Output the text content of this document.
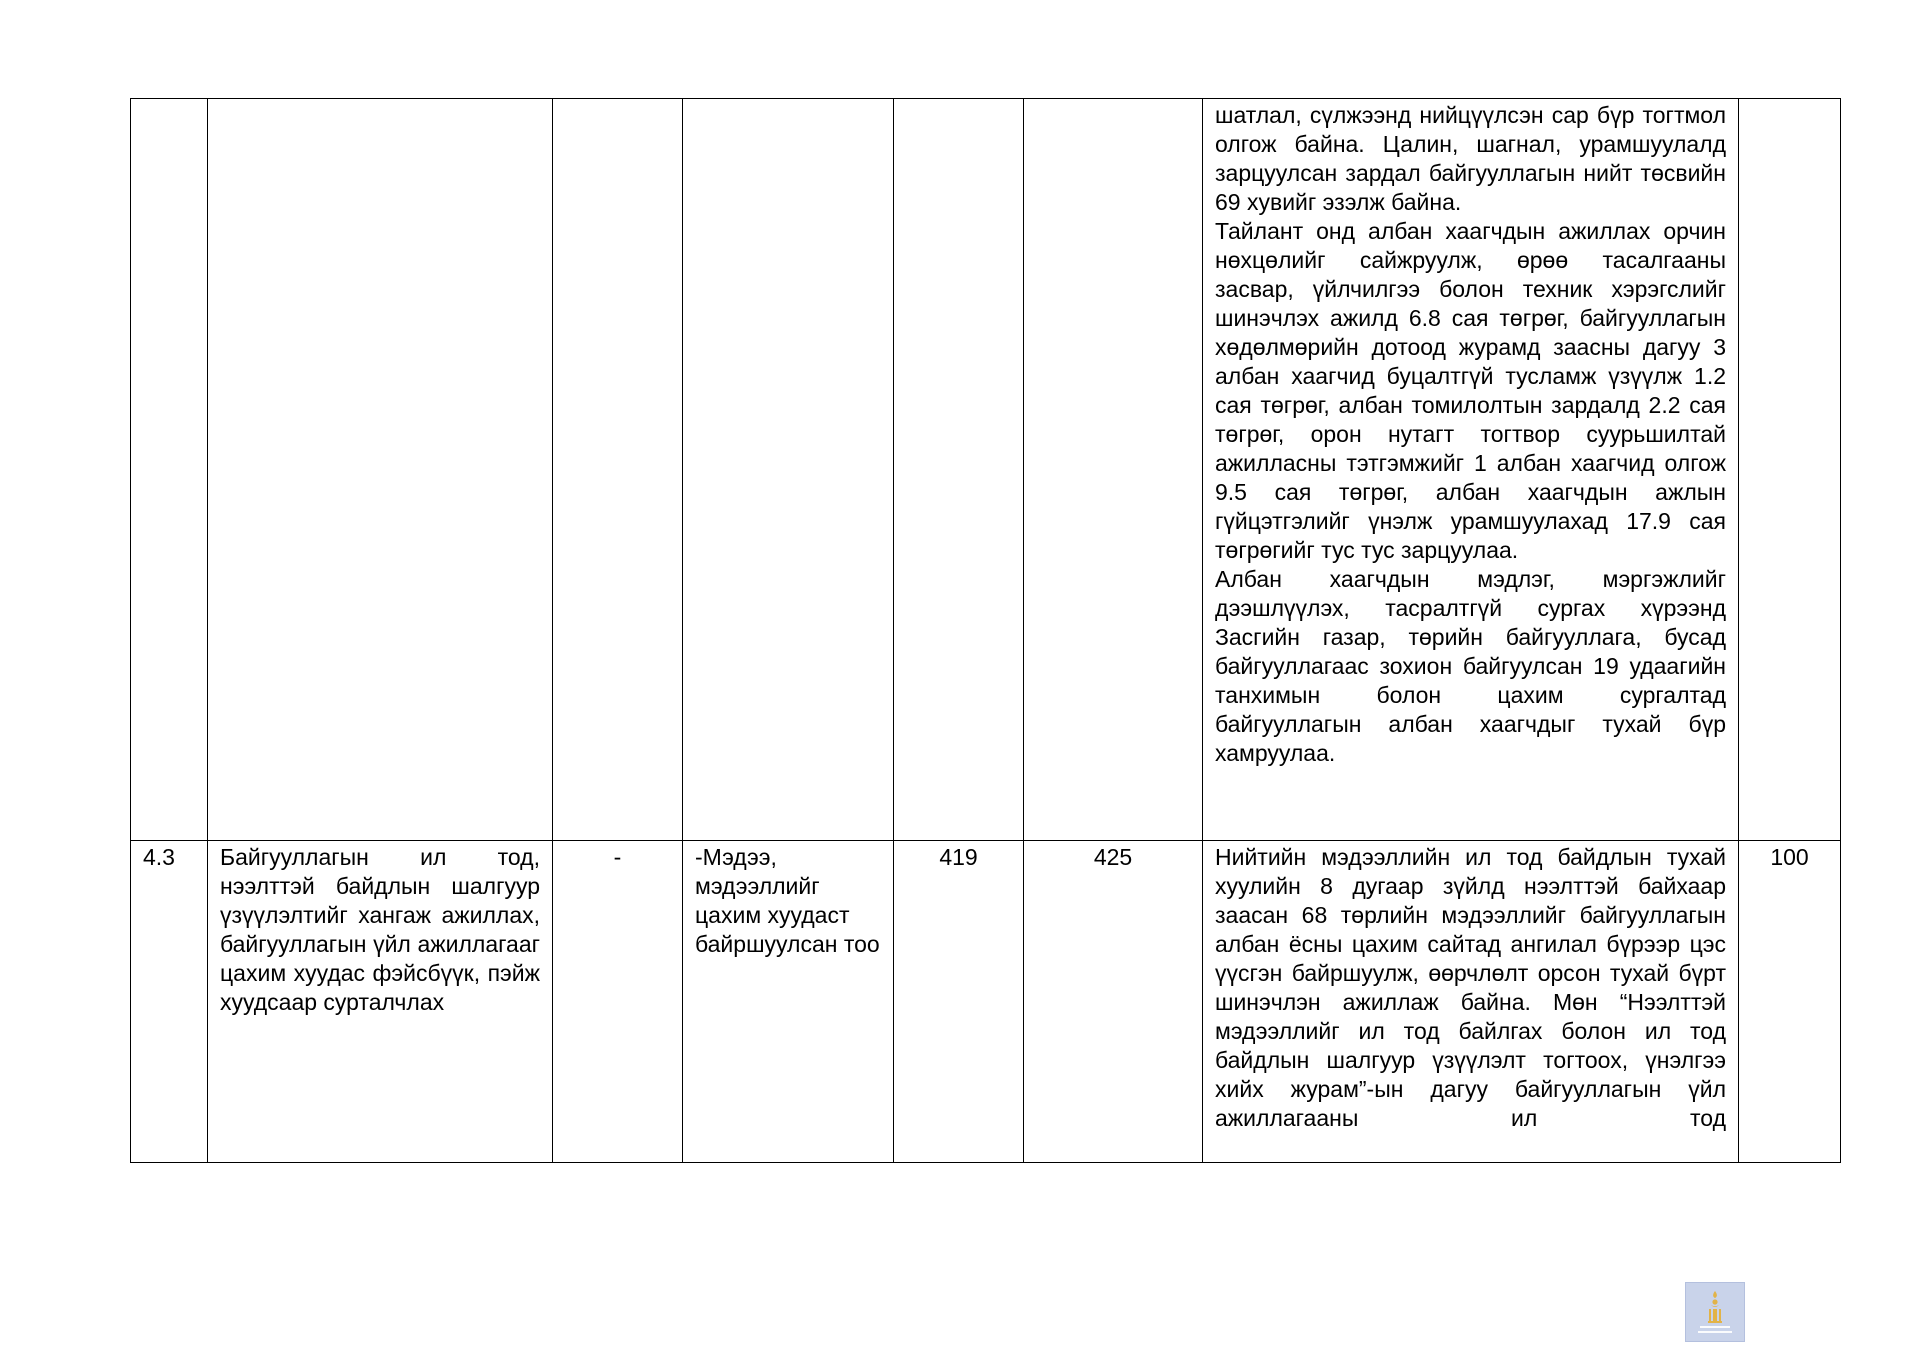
						шатлал, сүлжээнд нийцүүлсэн сар бүр тогтмол олгож байна. Цалин, шагнал, урамшуулалд зарцуулсан зардал байгууллагын нийт төсвийн 69 хувийг эзэлж байна.

Тайлант онд албан хаагчдын ажиллах орчин нөхцөлийг сайжруулж, өрөө тасалгааны засвар, үйлчилгээ болон техник хэрэгслийг шинэчлэх ажилд 6.8 сая төгрөг, байгууллагын хөдөлмөрийн дотоод журамд заасны дагуу 3 албан хаагчид буцалтгүй тусламж үзүүлж 1.2 сая төгрөг, албан томилолтын зардалд 2.2 сая төгрөг, орон нутагт тогтвор суурьшилтай ажилласны тэтгэмжийг 1 албан хаагчид олгож 9.5 сая төгрөг, албан хаагчдын ажлын гүйцэтгэлийг үнэлж урамшуулахад 17.9 сая төгрөгийг тус тус зарцуулаа.

Албан хаагчдын мэдлэг, мэргэжлийг дээшлүүлэх, тасралтгүй сургах хүрээнд Засгийн газар, төрийн байгууллага, бусад байгууллагаас зохион байгуулсан 19 удаагийн танхимын болон цахим сургалтад байгууллагын албан хаагчдыг тухай бүр хамруулаа.	

4.3	Байгууллагын ил тод, нээлттэй байдлын шалгуур үзүүлэлтийг хангаж ажиллах, байгууллагын үйл ажиллагааг цахим хуудас фэйсбүүк, пэйж хуудсаар сурталчлах	-	-Мэдээ, мэдээллийг цахим хуудаст байршуулсан тоо	419	425	Нийтийн мэдээллийн ил тод байдлын тухай хуулийн 8 дугаар зүйлд нээлттэй байхаар заасан 68 төрлийн мэдээллийг байгууллагын албан ёсны цахим сайтад ангилал бүрээр цэс үүсгэн байршуулж, өөрчлөлт орсон тухай бүрт шинэчлэн ажиллаж байна. Мөн “Нээлттэй мэдээллийг ил тод байлгах болон ил тод байдлын шалгуур үзүүлэлт тогтоох, үнэлгээ хийх журам”-ын дагуу байгууллагын үйл ажиллагааны ил тод	100
